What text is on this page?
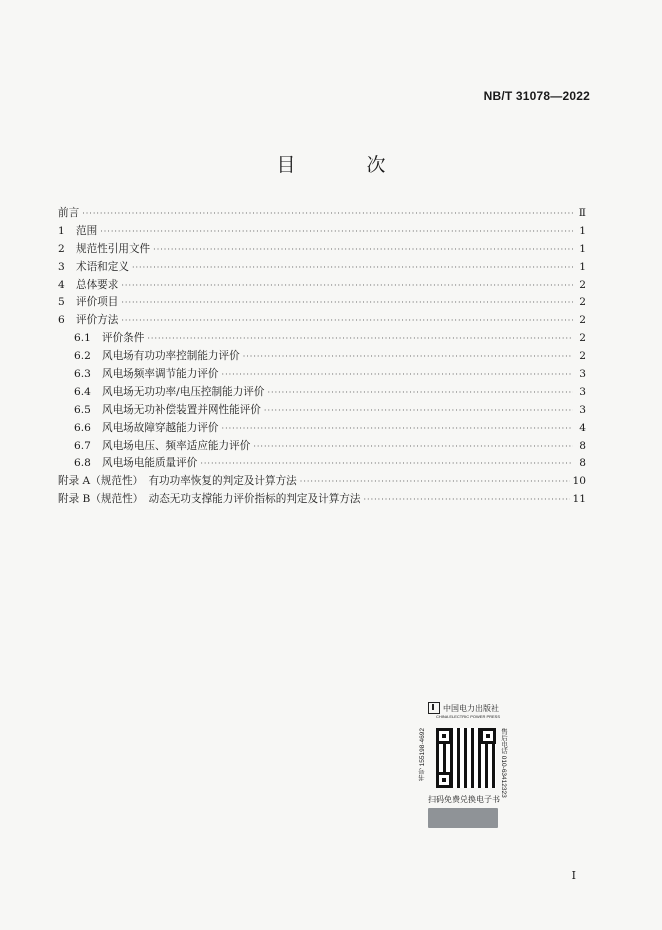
NB/T 31078—2022
目　次
前言 ·····	Ⅱ
1	范围 ·····	1
2	规范性引用文件 ·····	1
3	术语和定义 ·····	1
4	总体要求 ·····	2
5	评价项目 ·····	2
6	评价方法 ·····	2
6.1	评价条件 ·····	2
6.2	风电场有功功率控制能力评价 ·····	2
6.3	风电场频率调节能力评价 ·····	3
6.4	风电场无功功率/电压控制能力评价 ·····	3
6.5	风电场无功补偿装置并网性能评价 ·····	3
6.6	风电场故障穿越能力评价 ·····	4
6.7	风电场电压、频率适应能力评价 ·····	8
6.8	风电场电能质量评价 ·····	8
附录 A（规范性）　有功功率恢复的判定及计算方法 ·····	10
附录 B（规范性）　动态无功支撑能力评价指标的判定及计算方法 ·····	11
中国电力出版社
CHINA ELECTRIC POWER PRESS
书号 155198·4692	售后电话 010-63412323
扫码免费兑换电子书
I
